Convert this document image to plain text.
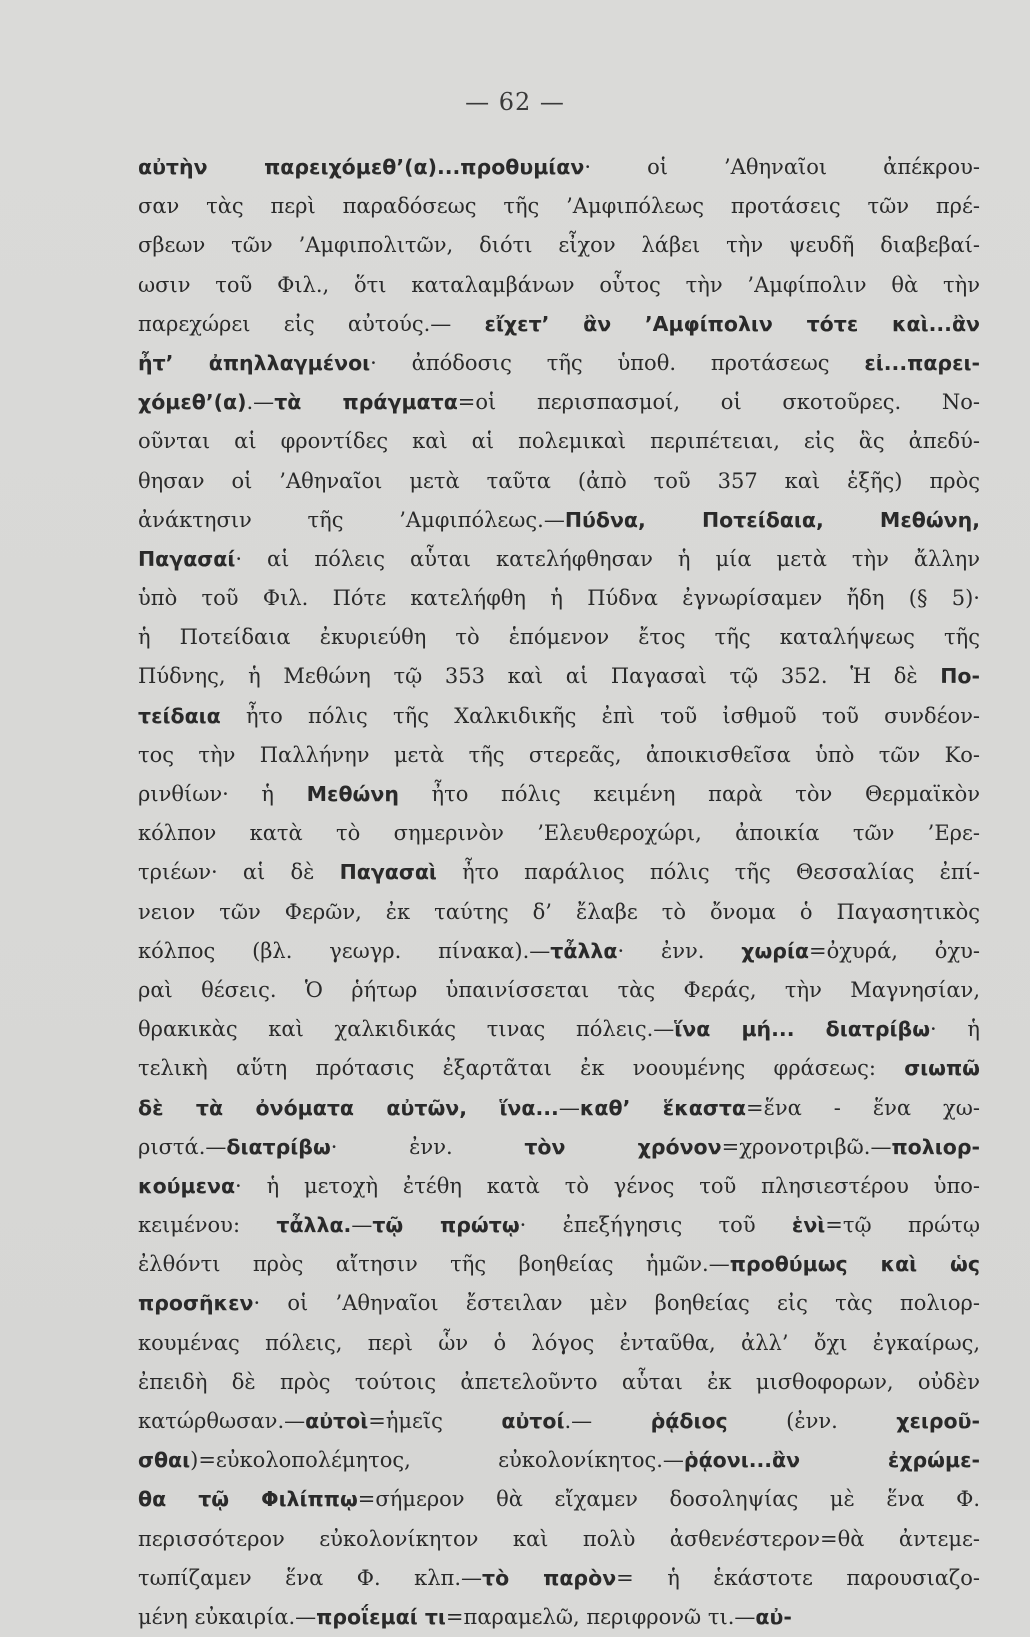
— 62 —
αὐτὴν παρειχόμεθ’(α)...προθυμίαν· οἱ ’Αθηναῖοι ἀπέκρου-
σαν τὰς περὶ παραδόσεως τῆς ’Αμφιπόλεως προτάσεις τῶν πρέ-
σβεων τῶν ’Αμφιπολιτῶν, διότι εἶχον λάβει τὴν ψευδῆ διαβεβαί-
ωσιν τοῦ Φιλ., ὅτι καταλαμβάνων οὗτος τὴν ’Αμφίπολιν θὰ τὴν
παρεχώρει εἰς αὐτούς.— εἴχετ’ ἂν ’Αμφίπολιν τότε καὶ...ἂν
ἦτ’ ἀπηλλαγμένοι· ἀπόδοσις τῆς ὑποθ. προτάσεως εἰ...παρει-
χόμεθ’(α).—τὰ πράγματα=οἱ περισπασμοί, οἱ σκοτοῦρες. Νο-
οῦνται αἱ φροντίδες καὶ αἱ πολεμικαὶ περιπέτειαι, εἰς ἃς ἀπεδύ-
θησαν οἱ ’Αθηναῖοι μετὰ ταῦτα (ἀπὸ τοῦ 357 καὶ ἑξῆς) πρὸς
ἀνάκτησιν τῆς ’Αμφιπόλεως.—Πύδνα, Ποτείδαια, Μεθώνη,
Παγασαί· αἱ πόλεις αὗται κατελήφθησαν ἡ μία μετὰ τὴν ἄλλην
ὑπὸ τοῦ Φιλ. Πότε κατελήφθη ἡ Πύδνα ἐγνωρίσαμεν ἤδη (§ 5)·
ἡ Ποτείδαια ἐκυριεύθη τὸ ἑπόμενον ἔτος τῆς καταλήψεως τῆς
Πύδνης, ἡ Μεθώνη τῷ 353 καὶ αἱ Παγασαὶ τῷ 352. Ἡ δὲ Πο-
τείδαια ἦτο πόλις τῆς Χαλκιδικῆς ἐπὶ τοῦ ἰσθμοῦ τοῦ συνδέον-
τος τὴν Παλλήνην μετὰ τῆς στερεᾶς, ἀποικισθεῖσα ὑπὸ τῶν Κο-
ρινθίων· ἡ Μεθώνη ἦτο πόλις κειμένη παρὰ τὸν Θερμαϊκὸν
κόλπον κατὰ τὸ σημερινὸν ’Ελευθεροχώρι, ἀποικία τῶν ’Ερε-
τριέων· αἱ δὲ Παγασαὶ ἦτο παράλιος πόλις τῆς Θεσσαλίας ἐπί-
νειον τῶν Φερῶν, ἐκ ταύτης δ’ ἔλαβε τὸ ὄνομα ὁ Παγασητικὸς
κόλπος (βλ. γεωγρ. πίνακα).—τἆλλα· ἐνν. χωρία=ὀχυρά, ὀχυ-
ραὶ θέσεις. Ὁ ῥήτωρ ὑπαινίσσεται τὰς Φεράς, τὴν Μαγνησίαν,
θρακικὰς καὶ χαλκιδικάς τινας πόλεις.—ἵνα μή... διατρίβω· ἡ
τελικὴ αὕτη πρότασις ἐξαρτᾶται ἐκ νοουμένης φράσεως: σιωπῶ
δὲ τὰ ὀνόματα αὐτῶν, ἵνα...—καθ’ ἕκαστα=ἕνα - ἕνα χω-
ριστά.—διατρίβω· ἐνν. τὸν χρόνον=χρονοτριβῶ.—πολιορ-
κούμενα· ἡ μετοχὴ ἐτέθη κατὰ τὸ γένος τοῦ πλησιεστέρου ὑπο-
κειμένου: τἆλλα.—τῷ πρώτῳ· ἐπεξήγησις τοῦ ἑνὶ=τῷ πρώτῳ
ἐλθόντι πρὸς αἴτησιν τῆς βοηθείας ἡμῶν.—προθύμως καὶ ὡς
προσῆκεν· οἱ ’Αθηναῖοι ἔστειλαν μὲν βοηθείας εἰς τὰς πολιορ-
κουμένας πόλεις, περὶ ὧν ὁ λόγος ἐνταῦθα, ἀλλ’ ὄχι ἐγκαίρως,
ἐπειδὴ δὲ πρὸς τούτοις ἀπετελοῦντο αὗται ἐκ μισθοφορων, οὐδὲν
κατώρθωσαν.—αὐτοὶ=ἡμεῖς αὐτοί.— ῥᾴδιος (ἐνν. χειροῦ-
σθαι)=εὐκολοπολέμητος, εὐκολονίκητος.—ῥᾴονι...ἂν ἐχρώμε-
θα τῷ Φιλίππῳ=σήμερον θὰ εἴχαμεν δοσοληψίας μὲ ἕνα Φ.
περισσότερον εὐκολονίκητον καὶ πολὺ ἀσθενέστερον=θὰ ἀντεμε-
τωπίζαμεν ἕνα Φ. κλπ.—τὸ παρὸν= ἡ ἑκάστοτε παρουσιαζο-
μένη εὐκαιρία.—προΐεμαί τι=παραμελῶ, περιφρονῶ τι.—αὐ-
